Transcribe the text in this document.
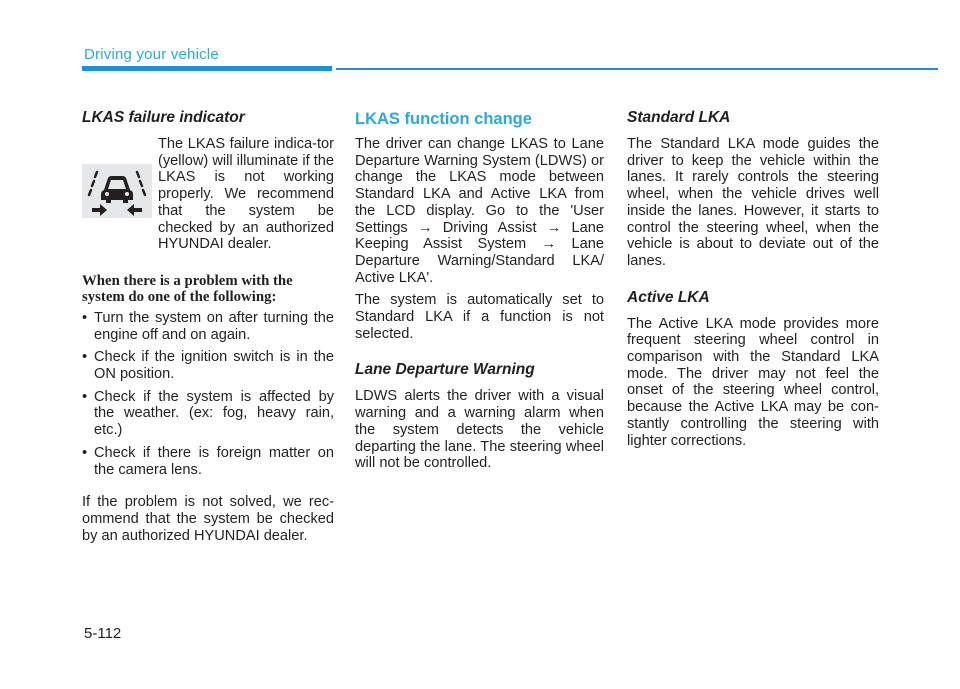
Driving your vehicle
LKAS failure indicator

The LKAS failure indica-tor (yellow) will illuminate if the LKAS is not working properly. We recommend that the system be checked by an authorized HYUNDAI dealer.

When there is a problem with the system do one of the following:

• Turn the system on after turning the engine off and on again.
• Check if the ignition switch is in the ON position.
• Check if the system is affected by the weather. (ex: fog, heavy rain, etc.)
• Check if there is foreign matter on the camera lens.

If the problem is not solved, we rec-ommend that the system be checked by an authorized HYUNDAI dealer.

LKAS function change

The driver can change LKAS to Lane Departure Warning System (LDWS) or change the LKAS mode between Standard LKA and Active LKA from the LCD display. Go to the 'User Settings → Driving Assist → Lane Keeping Assist System → Lane Departure Warning/Standard LKA/ Active LKA'.

The system is automatically set to Standard LKA if a function is not selected.

Lane Departure Warning

LDWS alerts the driver with a visual warning and a warning alarm when the system detects the vehicle departing the lane. The steering wheel will not be controlled.

Standard LKA

The Standard LKA mode guides the driver to keep the vehicle within the lanes. It rarely controls the steering wheel, when the vehicle drives well inside the lanes. However, it starts to control the steering wheel, when the vehicle is about to deviate out of the lanes.

Active LKA

The Active LKA mode provides more frequent steering wheel control in comparison with the Standard LKA mode. The driver may not feel the onset of the steering wheel control, because the Active LKA may be con-stantly controlling the steering with lighter corrections.

5-112
